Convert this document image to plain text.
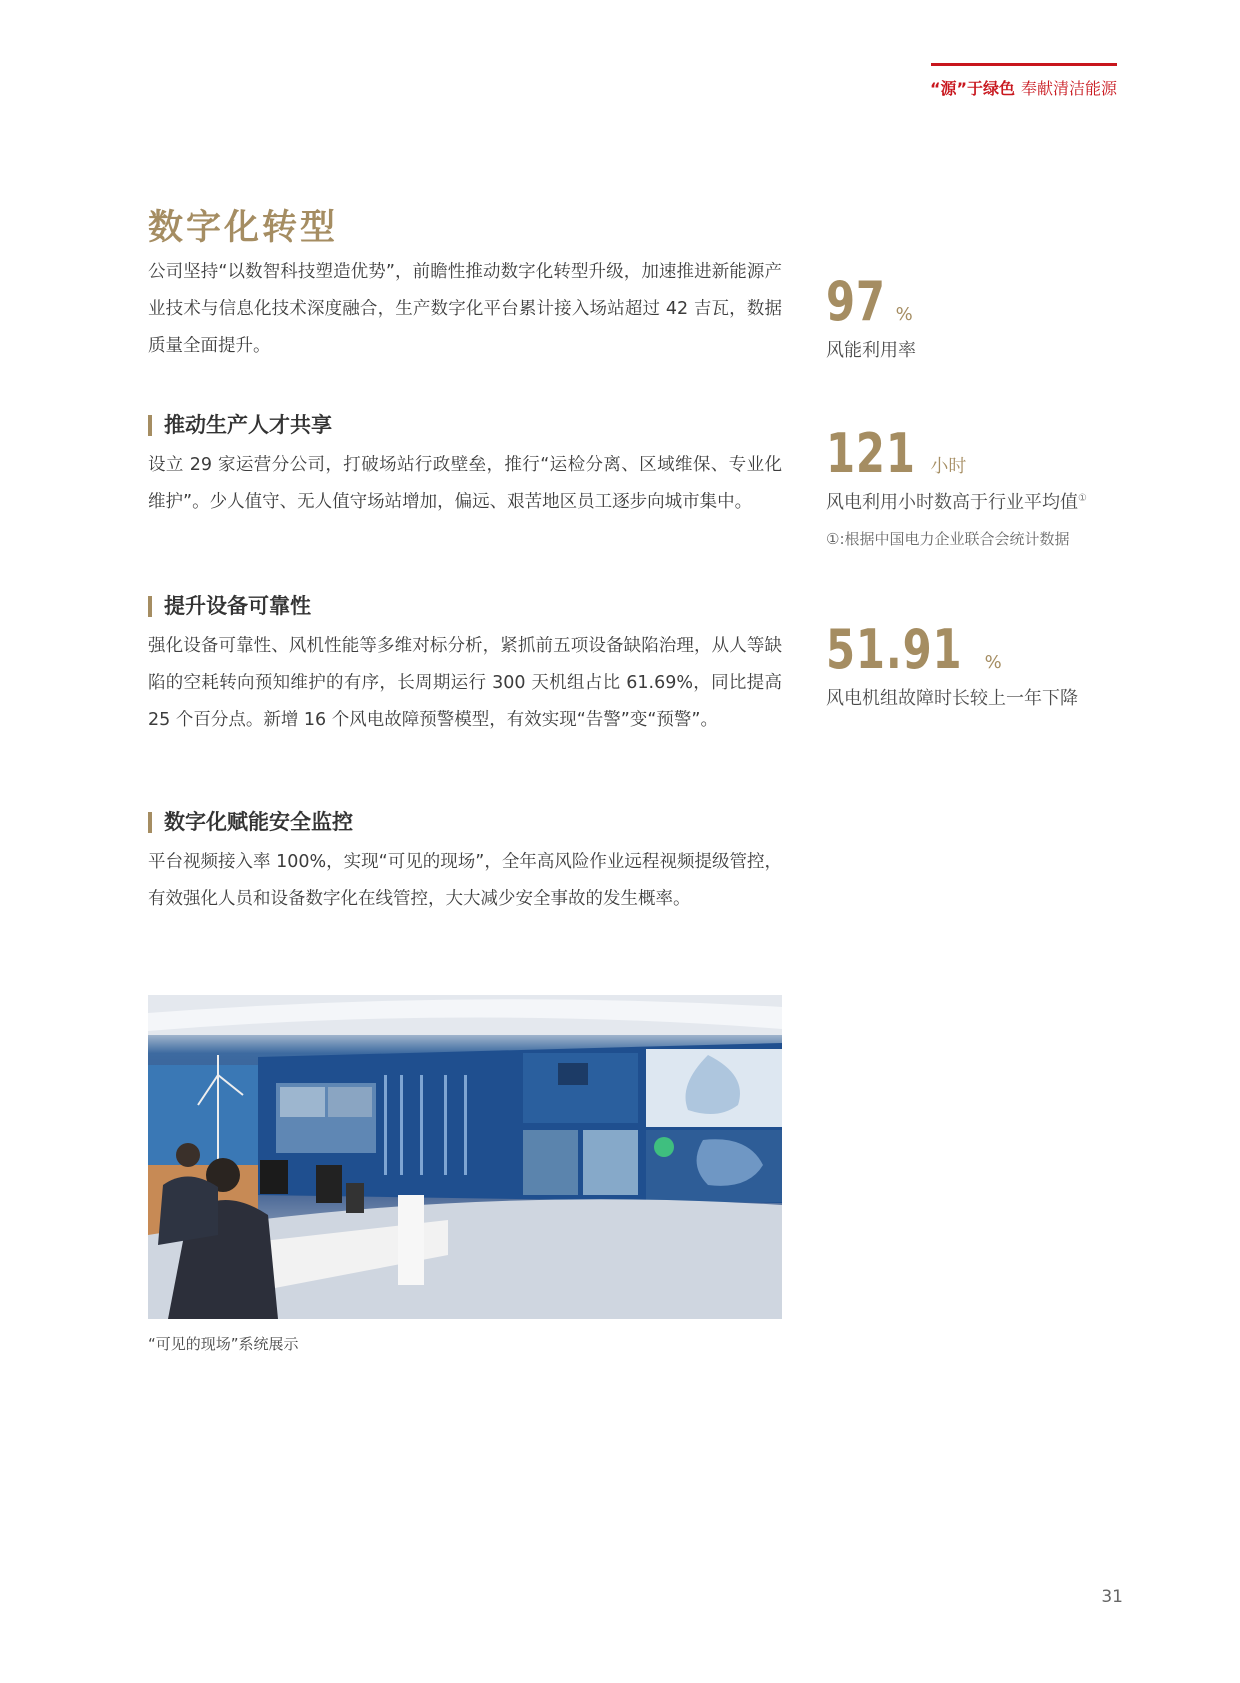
“源”于绿色 奉献清洁能源
数字化转型

公司坚持“以数智科技塑造优势”，前瞻性推动数字化转型升级，加速推进新能源产业技术与信息化技术深度融合，生产数字化平台累计接入场站超过 42 吉瓦，数据质量全面提升。

推动生产人才共享

设立 29 家运营分公司，打破场站行政壁垒，推行“运检分离、区域维保、专业化维护”。少人值守、无人值守场站增加，偏远、艰苦地区员工逐步向城市集中。

提升设备可靠性

强化设备可靠性、风机性能等多维对标分析，紧抓前五项设备缺陷治理，从人等缺陷的空耗转向预知维护的有序，长周期运行 300 天机组占比 61.69%，同比提高 25 个百分点。新增 16 个风电故障预警模型，有效实现“告警”变“预警”。

数字化赋能安全监控

平台视频接入率 100%，实现“可见的现场”，全年高风险作业远程视频提级管控，有效强化人员和设备数字化在线管控，大大减少安全事故的发生概率。

97 %
风能利用率
121 小时
风电利用小时数高于行业平均值①
①:根据中国电力企业联合会统计数据
51.91 %
风电机组故障时长较上一年下降
“可见的现场”系统展示
31
